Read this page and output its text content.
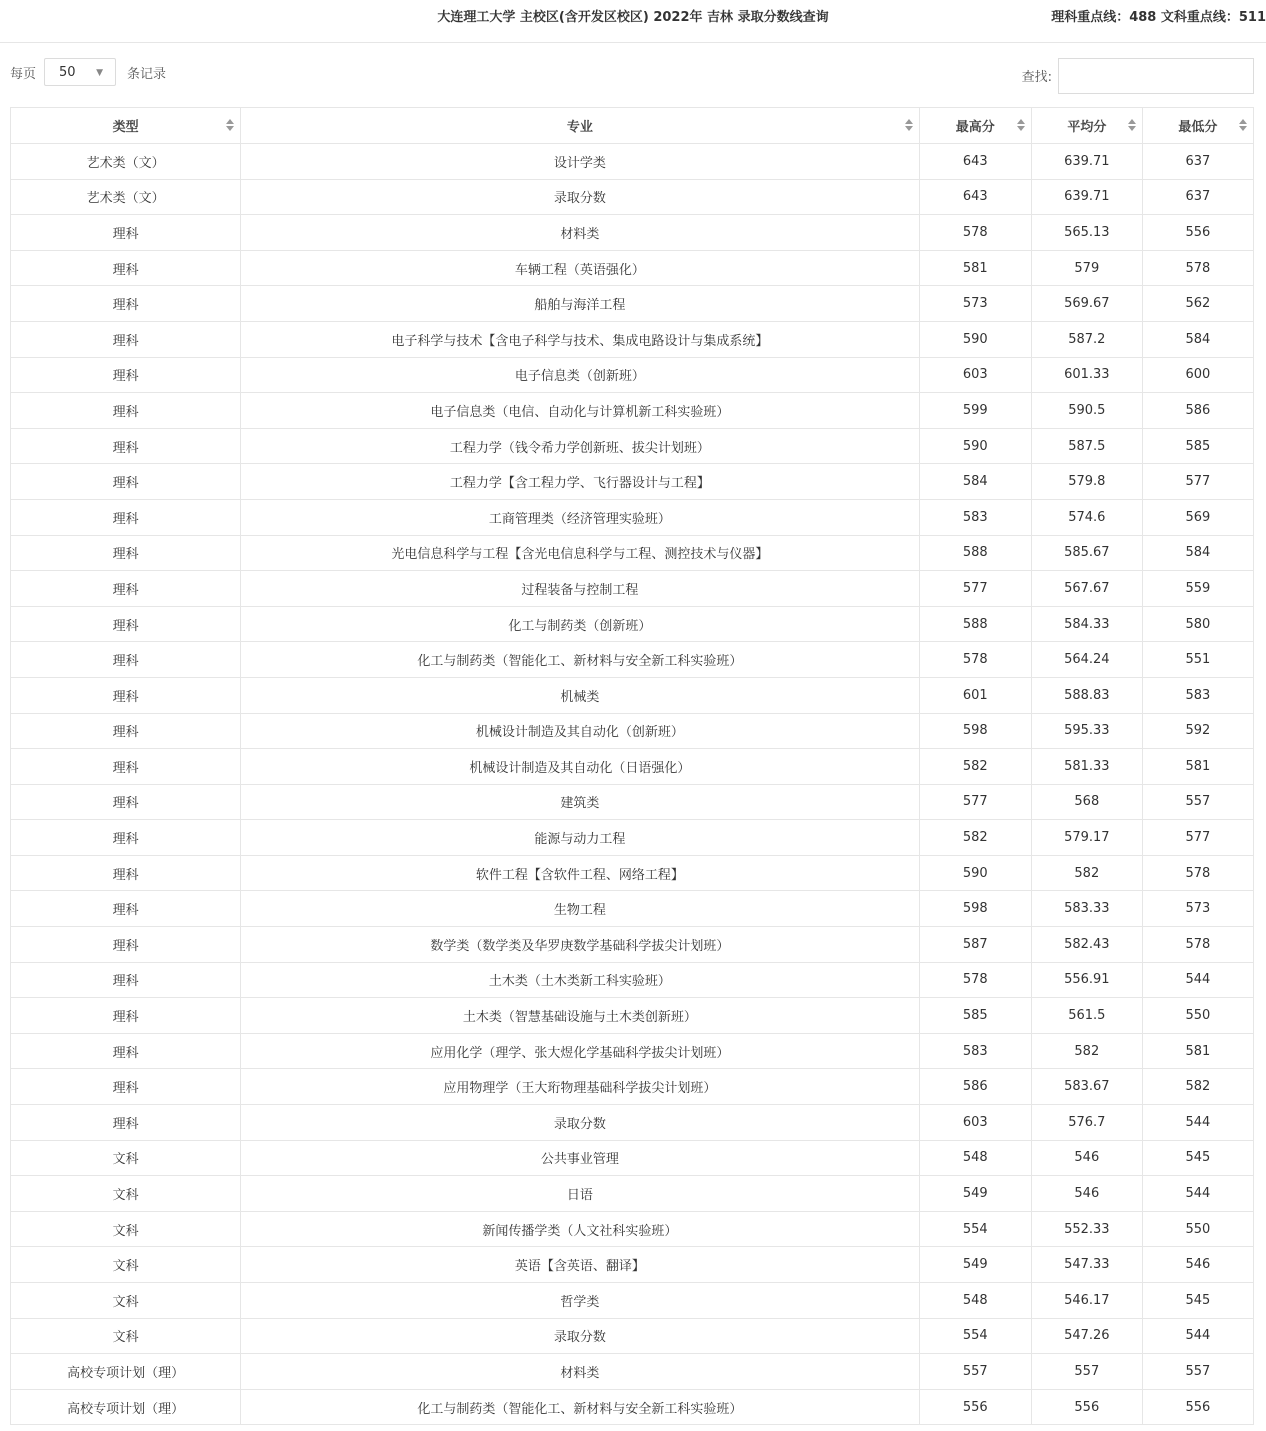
大连理工大学 主校区(含开发区校区) 2022年 吉林 录取分数线查询	理科重点线：488 文科重点线：511
每页	50 ▼ 条记录	查找:
类型	专业	最高分	平均分	最低分

艺术类（文）	设计学类	643	639.71	637
艺术类（文）	录取分数	643	639.71	637
理科	材料类	578	565.13	556
理科	车辆工程（英语强化）	581	579	578
理科	船舶与海洋工程	573	569.67	562
理科	电子科学与技术【含电子科学与技术、集成电路设计与集成系统】	590	587.2	584
理科	电子信息类（创新班）	603	601.33	600
理科	电子信息类（电信、自动化与计算机新工科实验班）	599	590.5	586
理科	工程力学（钱令希力学创新班、拔尖计划班）	590	587.5	585
理科	工程力学【含工程力学、飞行器设计与工程】	584	579.8	577
理科	工商管理类（经济管理实验班）	583	574.6	569
理科	光电信息科学与工程【含光电信息科学与工程、测控技术与仪器】	588	585.67	584
理科	过程装备与控制工程	577	567.67	559
理科	化工与制药类（创新班）	588	584.33	580
理科	化工与制药类（智能化工、新材料与安全新工科实验班）	578	564.24	551
理科	机械类	601	588.83	583
理科	机械设计制造及其自动化（创新班）	598	595.33	592
理科	机械设计制造及其自动化（日语强化）	582	581.33	581
理科	建筑类	577	568	557
理科	能源与动力工程	582	579.17	577
理科	软件工程【含软件工程、网络工程】	590	582	578
理科	生物工程	598	583.33	573
理科	数学类（数学类及华罗庚数学基础科学拔尖计划班）	587	582.43	578
理科	土木类（土木类新工科实验班）	578	556.91	544
理科	土木类（智慧基础设施与土木类创新班）	585	561.5	550
理科	应用化学（理学、张大煜化学基础科学拔尖计划班）	583	582	581
理科	应用物理学（王大珩物理基础科学拔尖计划班）	586	583.67	582
理科	录取分数	603	576.7	544
文科	公共事业管理	548	546	545
文科	日语	549	546	544
文科	新闻传播学类（人文社科实验班）	554	552.33	550
文科	英语【含英语、翻译】	549	547.33	546
文科	哲学类	548	546.17	545
文科	录取分数	554	547.26	544
高校专项计划（理）	材料类	557	557	557
高校专项计划（理）	化工与制药类（智能化工、新材料与安全新工科实验班）	556	556	556
